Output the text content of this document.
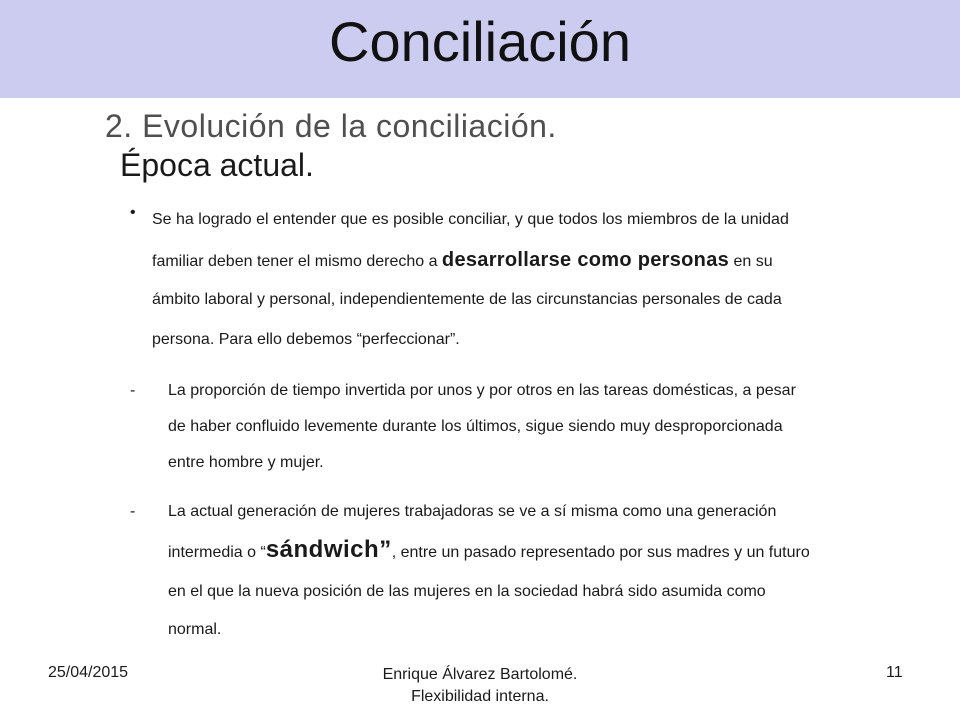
Conciliación
2. Evolución de la conciliación.
Época actual.
• Se ha logrado el entender que es posible conciliar, y que todos los miembros de la unidad
familiar deben tener el mismo derecho a desarrollarse como personas en su
ámbito laboral y personal, independientemente de las circunstancias personales de cada
persona. Para ello debemos “perfeccionar”.
- La proporción de tiempo invertida por unos y por otros en las tareas domésticas, a pesar
de haber confluido levemente durante los últimos, sigue siendo muy desproporcionada
entre hombre y mujer.
- La actual generación de mujeres trabajadoras se ve a sí misma como una generación
intermedia o “sándwich”, entre un pasado representado por sus madres y un futuro
en el que la nueva posición de las mujeres en la sociedad habrá sido asumida como
normal.
25/04/2015	Enrique Álvarez Bartolomé.
Flexibilidad interna.
11
